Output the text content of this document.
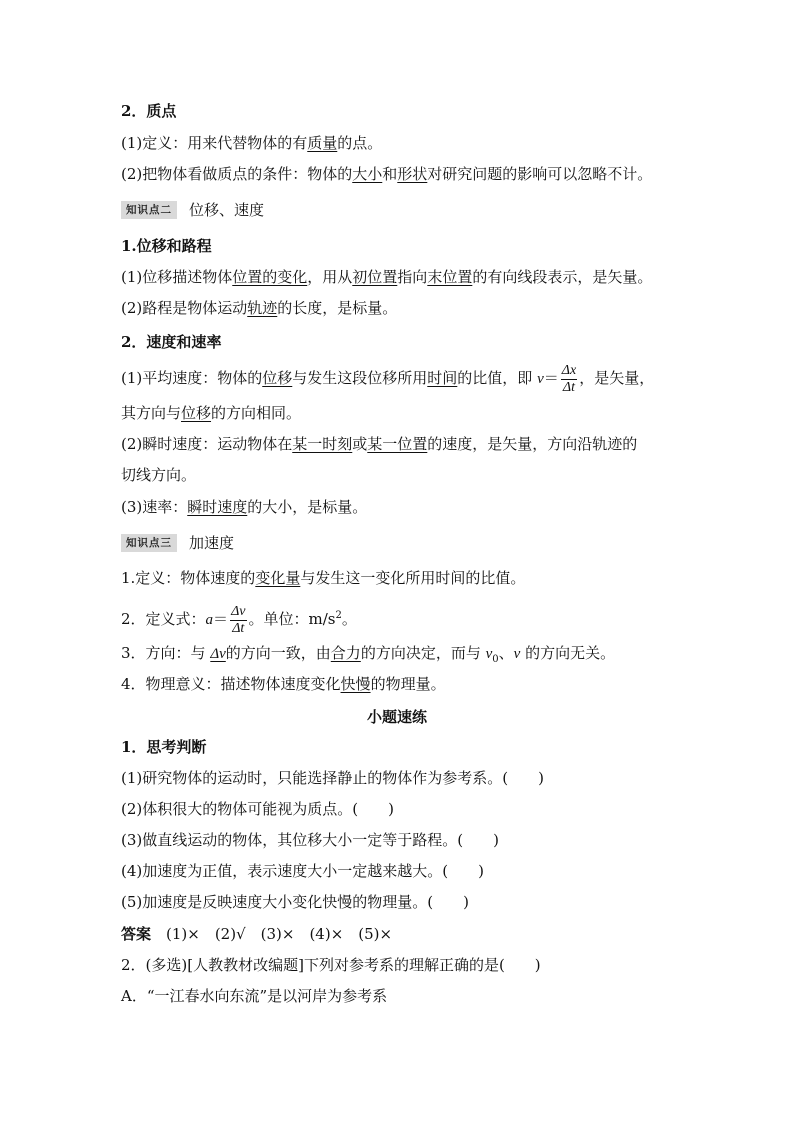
2．质点
(1)定义：用来代替物体的有质量的点。
(2)把物体看做质点的条件：物体的大小和形状对研究问题的影响可以忽略不计。
知识点二 位移、速度
1.位移和路程
(1)位移描述物体位置的变化，用从初位置指向末位置的有向线段表示，是矢量。
(2)路程是物体运动轨迹的长度，是标量。
2．速度和速率
(1)平均速度：物体的位移与发生这段位移所用时间的比值，即 $v= \frac{\Delta x}{\Delta t}$ ，是矢量，
其方向与位移的方向相同。
(2)瞬时速度：运动物体在某一时刻或某一位置的速度，是矢量，方向沿轨迹的
切线方向。
(3)速率：瞬时速度的大小，是标量。
知识点三 加速度
1.定义：物体速度的变化量与发生这一变化所用时间的比值。
2．定义式：$a= \frac{\Delta v}{\Delta t}$ 。单位：$m/s^2$。
3．方向：与 Δv的方向一致，由合力的方向决定，而与 $v_0$、v 的方向无关。
4．物理意义：描述物体速度变化快慢的物理量。
小题速练
1．思考判断
(1)研究物体的运动时，只能选择静止的物体作为参考系。(　　)
(2)体积很大的物体可能视为质点。(　　)
(3)做直线运动的物体，其位移大小一定等于路程。(　　)
(4)加速度为正值，表示速度大小一定越来越大。(　　)
(5)加速度是反映速度大小变化快慢的物理量。(　　)
答案　(1)×　(2)√　(3)×　(4)×　(5)×
2．(多选)[人教教材改编题]下列对参考系的理解正确的是(　　)
A．“一江春水向东流”是以河岸为参考系
